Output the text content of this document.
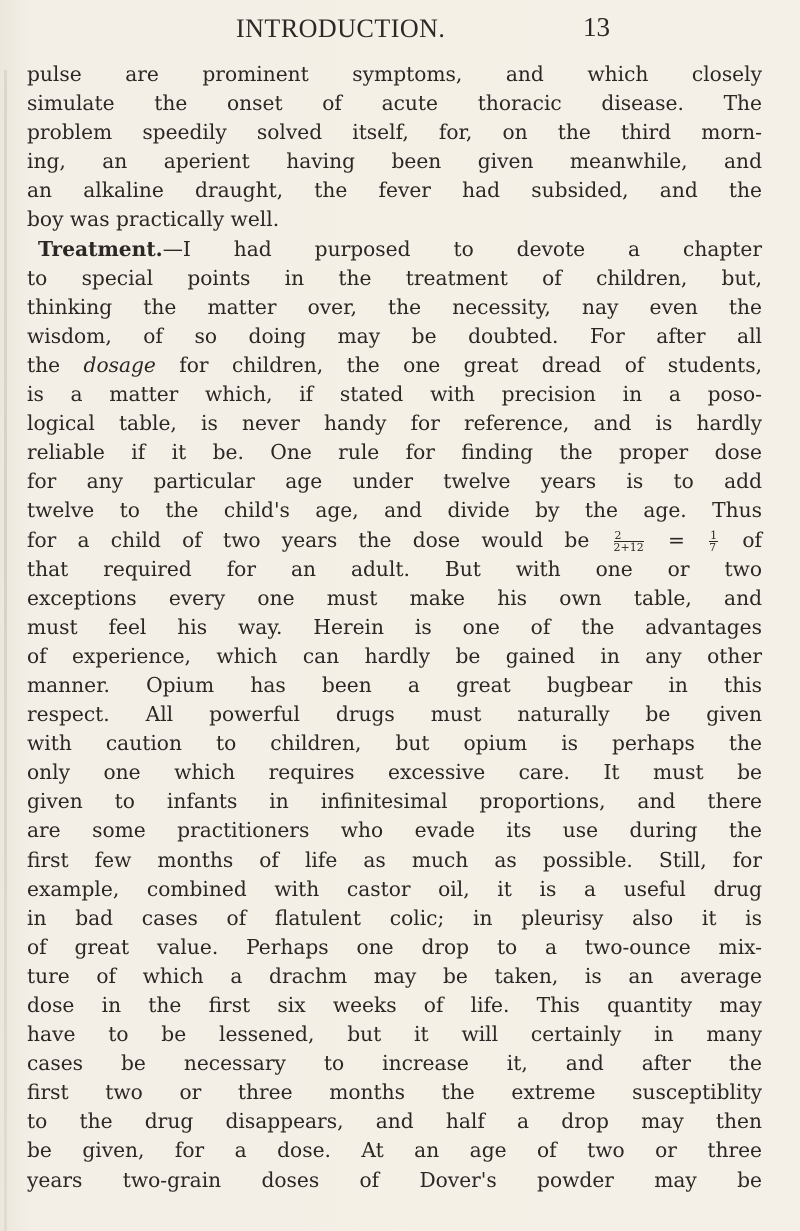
INTRODUCTION.	13
pulse are prominent symptoms, and which closely
simulate the onset of acute thoracic disease. The
problem speedily solved itself, for, on the third morn-
ing, an aperient having been given meanwhile, and
an alkaline draught, the fever had subsided, and the
boy was practically well.
Treatment.—I had purposed to devote a chapter
to special points in the treatment of children, but,
thinking the matter over, the necessity, nay even the
wisdom, of so doing may be doubted. For after all
the dosage for children, the one great dread of students,
is a matter which, if stated with precision in a poso-
logical table, is never handy for reference, and is hardly
reliable if it be. One rule for finding the proper dose
for any particular age under twelve years is to add
twelve to the child's age, and divide by the age. Thus
for a child of two years the dose would be $\frac{2}{2+12} = \frac{1}{7}$ of
that required for an adult. But with one or two
exceptions every one must make his own table, and
must feel his way. Herein is one of the advantages
of experience, which can hardly be gained in any other
manner. Opium has been a great bugbear in this
respect. All powerful drugs must naturally be given
with caution to children, but opium is perhaps the
only one which requires excessive care. It must be
given to infants in infinitesimal proportions, and there
are some practitioners who evade its use during the
first few months of life as much as possible. Still, for
example, combined with castor oil, it is a useful drug
in bad cases of flatulent colic; in pleurisy also it is
of great value. Perhaps one drop to a two-ounce mix-
ture of which a drachm may be taken, is an average
dose in the first six weeks of life. This quantity may
have to be lessened, but it will certainly in many
cases be necessary to increase it, and after the
first two or three months the extreme susceptiblity
to the drug disappears, and half a drop may then
be given, for a dose. At an age of two or three
years two-grain doses of Dover's powder may be
